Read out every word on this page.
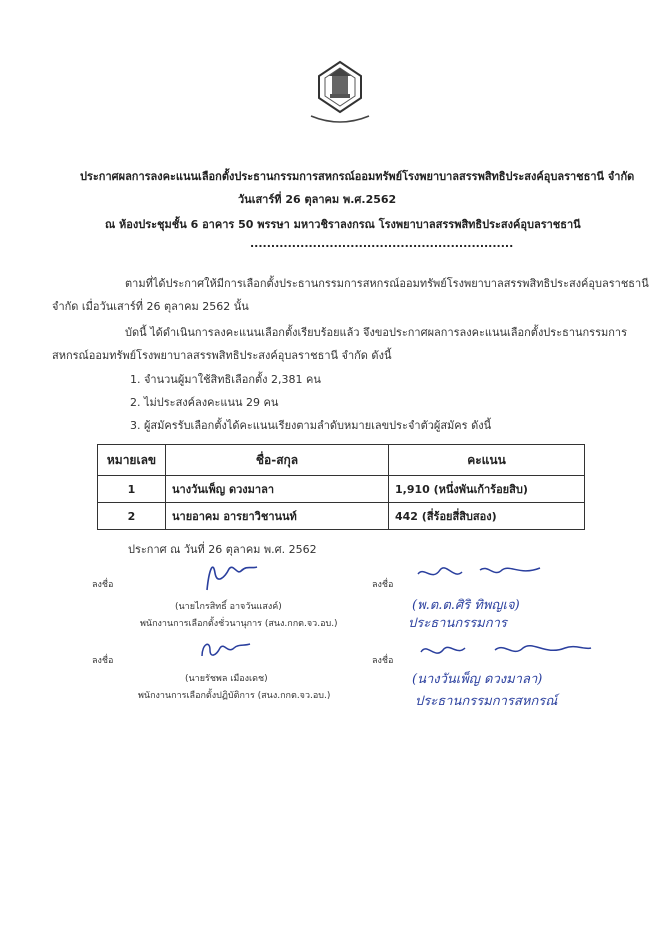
ประกาศผลการลงคะแนนเลือกตั้งประธานกรรมการสหกรณ์ออมทรัพย์โรงพยาบาลสรรพสิทธิประสงค์อุบลราชธานี จำกัด
วันเสาร์ที่ 26 ตุลาคม พ.ศ.2562
ณ ห้องประชุมชั้น 6 อาคาร 50 พรรษา มหาวชิราลงกรณ โรงพยาบาลสรรพสิทธิประสงค์อุบลราชธานี
...............................................................
ตามที่ได้ประกาศให้มีการเลือกตั้งประธานกรรมการสหกรณ์ออมทรัพย์โรงพยาบาลสรรพสิทธิประสงค์อุบลราชธานี
จำกัด เมื่อวันเสาร์ที่ 26 ตุลาคม 2562 นั้น
บัดนี้ ได้ดำเนินการลงคะแนนเลือกตั้งเรียบร้อยแล้ว จึงขอประกาศผลการลงคะแนนเลือกตั้งประธานกรรมการ
สหกรณ์ออมทรัพย์โรงพยาบาลสรรพสิทธิประสงค์อุบลราชธานี จำกัด ดังนี้
1. จำนวนผู้มาใช้สิทธิเลือกตั้ง 2,381 คน
2. ไม่ประสงค์ลงคะแนน 29 คน
3. ผู้สมัครรับเลือกตั้งได้คะแนนเรียงตามลำดับหมายเลขประจำตัวผู้สมัคร ดังนี้
หมายเลข	ชื่อ-สกุล	คะแนน
1	นางวันเพ็ญ ดวงมาลา	1,910 (หนึ่งพันเก้าร้อยสิบ)
2	นายอาคม อารยาวิชานนท์	442 (สี่ร้อยสี่สิบสอง)
ประกาศ ณ วันที่ 26 ตุลาคม พ.ศ. 2562
ลงชื่อ
(นายไกรสิทธิ์ อาจวันแสงค์)
พนักงานการเลือกตั้งชั่วนานุการ (สนง.กกต.จว.อบ.)
ลงชื่อ
(นายรัชพล เมืองเดช)
พนักงานการเลือกตั้งปฏิบัติการ (สนง.กกต.จว.อบ.)
ลงชื่อ
(พ.ต.ต.ศิริ ทิพญเจ)
ประธานกรรมการ
ลงชื่อ
(นางวันเพ็ญ ดวงมาลา)
ประธานกรรมการสหกรณ์
